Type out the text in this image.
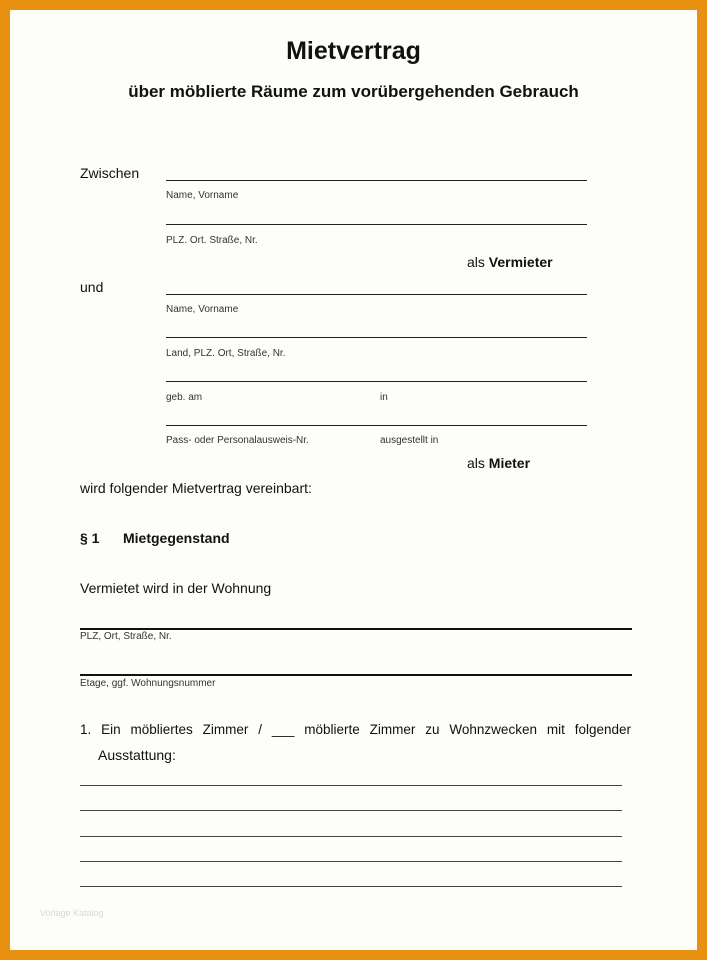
Mietvertrag
über möblierte Räume zum vorübergehenden Gebrauch
Zwischen
Name, Vorname
PLZ. Ort. Straße, Nr.
als Vermieter
und
Name, Vorname
Land, PLZ. Ort, Straße, Nr.
geb. am	in
Pass- oder Personalausweis-Nr.	ausgestellt in
als Mieter
wird folgender Mietvertrag vereinbart:
§ 1 Mietgegenstand
Vermietet wird in der Wohnung
PLZ, Ort, Straße, Nr.
Etage, ggf. Wohnungsnummer
1. Ein möbliertes Zimmer / ___ möblierte Zimmer zu Wohnzwecken mit folgender
Ausstattung:
Vorlage Katalog
